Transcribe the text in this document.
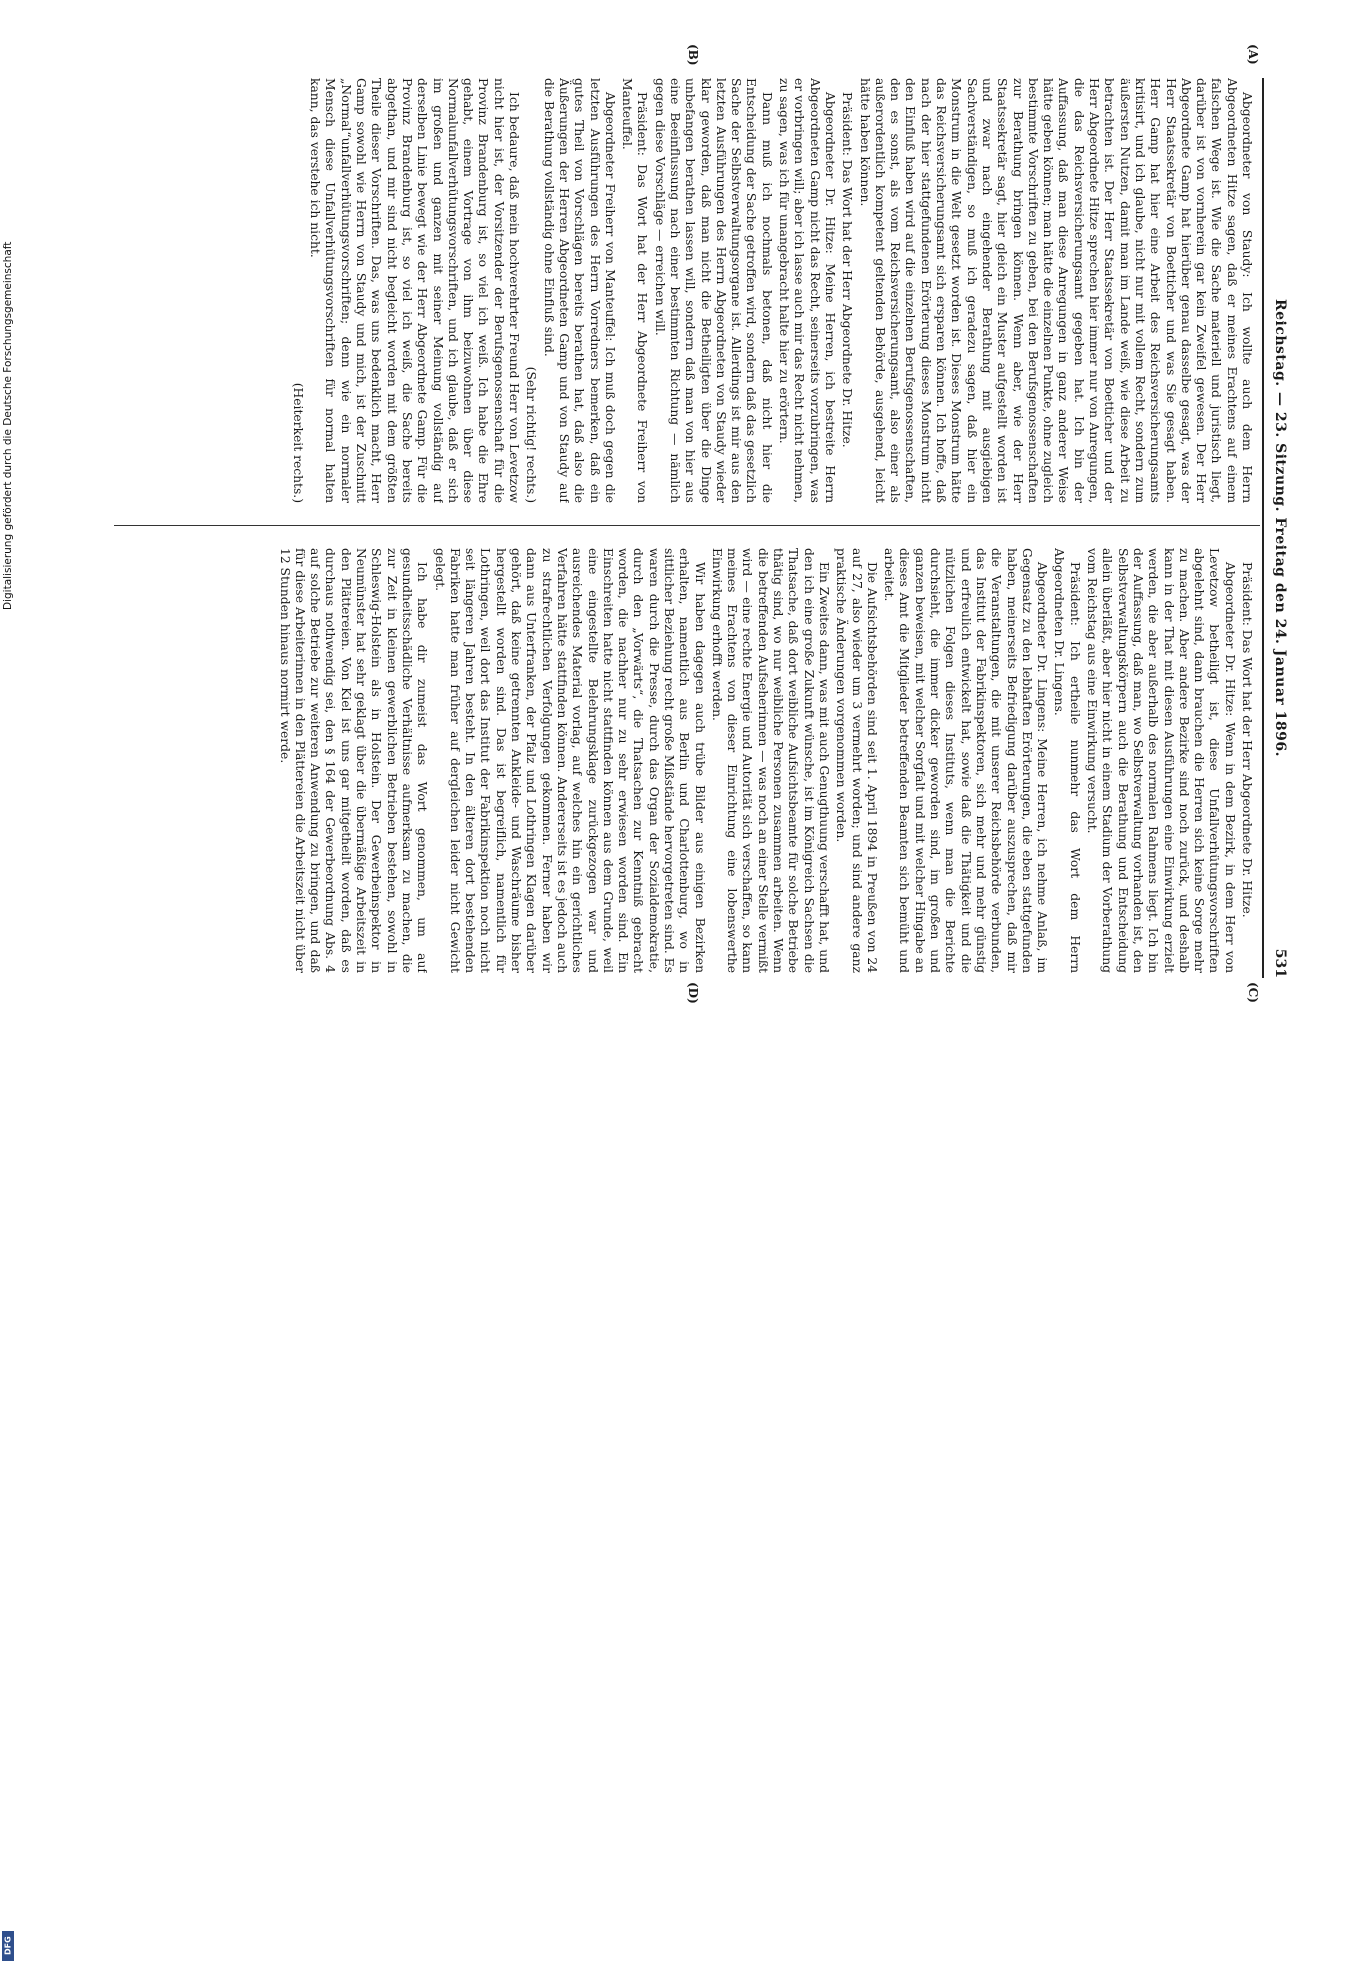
Reichstag. — 23. Sitzung. Freitag den 24. Januar 1896.
531
(A)
(B)
(C)
(D)

Abgeordneter von Staudy: Ich wollte auch dem Herrn Abgeordneten Hitze sagen, daß er meines Erachtens auf einem falschen Wege ist. Wie die Sache materiell und juristisch liegt, darüber ist von vornherein gar kein Zweifel gewesen. Der Herr Abgeordnete Gamp hat hierüber genau dasselbe gesagt, was der Herr Staatssekretär von Boetticher und was Sie gesagt haben. Herr Gamp hat hier eine Arbeit des Reichsversicherungsamts kritisirt, und ich glaube, nicht nur mit vollem Recht, sondern zum äußersten Nutzen, damit man im Lande weiß, wie diese Arbeit zu betrachten ist. Der Herr Staatssekretär von Boetticher und der Herr Abgeordnete Hitze sprechen hier immer nur von Anregungen, die das Reichsversicherungsamt gegeben hat. Ich bin der Auffassung, daß man diese Anregungen in ganz anderer Weise hätte geben können; man hätte die einzelnen Punkte, ohne zugleich bestimmte Vorschriften zu geben, bei den Berufsgenossenschaften zur Berathung bringen können. Wenn aber, wie der Herr Staatssekretär sagt, hier gleich ein Muster aufgestellt worden ist und zwar nach eingehender Berathung mit ausgiebigen Sachverständigen, so muß ich geradezu sagen, daß hier ein Monstrum in die Welt gesetzt worden ist. Dieses Monstrum hätte das Reichsversicherungsamt sich ersparen können. Ich hoffe, daß nach der hier stattgefundenen Erörterung dieses Monstrum nicht den Einfluß haben wird auf die einzelnen Berufsgenossenschaften, den es sonst, als vom Reichsversicherungsamt, also einer als außerordentlich kompetent geltenden Behörde, ausgehend, leicht hätte haben können.

Präsident: Das Wort hat der Herr Abgeordnete Dr. Hitze.

Abgeordneter Dr. Hitze: Meine Herren, ich bestreite Herrn Abgeordneten Gamp nicht das Recht, seinerseits vorzubringen, was er vorbringen will; aber ich lasse auch mir das Recht nicht nehmen, zu sagen, was ich für unangebracht halte hier zu erörtern.

Dann muß ich nochmals betonen, daß nicht hier die Entscheidung der Sache getroffen wird, sondern daß das gesetzlich Sache der Selbstverwaltungsorgane ist. Allerdings ist mir aus den letzten Ausführungen des Herrn Abgeordneten von Staudy wieder klar geworden, daß man nicht die Betheiligten über die Dinge unbefangen berathen lassen will, sondern daß man von hier aus eine Beeinflussung nach einer bestimmten Richtung — nämlich gegen diese Vorschläge — erreichen will.

Präsident: Das Wort hat der Herr Abgeordnete Freiherr von Manteuffel.

Abgeordneter Freiherr von Manteuffel: Ich muß doch gegen die letzten Ausführungen des Herrn Vorredners bemerken, daß ein gutes Theil von Vorschlägen bereits berathen hat, daß also die Äußerungen der Herren Abgeordneten Gamp und von Staudy auf die Berathung vollständig ohne Einfluß sind.

(Sehr richtig! rechts.)

Ich bedaure, daß mein hochverehrter Freund Herr von Levetzow nicht hier ist, der Vorsitzender der Berufsgenossenschaft für die Provinz Brandenburg ist, so viel ich weiß. Ich habe die Ehre gehabt, einem Vortrage von ihm beizuwohnen über diese Normalunfallverhütungsvorschriften, und ich glaube, daß er sich im großen und ganzen mit seiner Meinung vollständig auf derselben Linie bewegt wie der Herr Abgeordnete Gamp. Für die Provinz Brandenburg ist, so viel ich weiß, die Sache bereits abgethan, und mir sind nicht begleicht worden mit dem größten Theile dieser Vorschriften. Das, was uns bedenklich macht, Herr Gamp sowohl wie Herrn von Staudy und mich, ist der Zuschnitt „Normal“unfallverhütungsvorschriften; denn wie ein normaler Mensch diese Unfallverhütungsvorschriften für normal halten kann, das verstehe ich nicht.

(Heiterkeit rechts.)

Präsident: Das Wort hat der Herr Abgeordnete Dr. Hitze.

Abgeordneter Dr. Hitze: Wenn in dem Bezirk, in dem Herr von Levetzow betheiligt ist, diese Unfallverhütungsvorschriften abgelehnt sind, dann brauchen die Herren sich keine Sorge mehr zu machen. Aber andere Bezirke sind noch zurück, und deshalb kann in der That mit diesen Ausführungen eine Einwirkung erzielt werden, die aber außerhalb des normalen Rahmens liegt. Ich bin der Auffassung, daß man, wo Selbstverwaltung vorhanden ist, den Selbstverwaltungskörpern auch die Berathung und Entscheidung allein überläßt, aber hier nicht in einem Stadium der Vorberathung vom Reichstag aus eine Einwirkung versucht.

Präsident: Ich ertheile nunmehr das Wort dem Herrn Abgeordneten Dr. Lingens.

Abgeordneter Dr. Lingens: Meine Herren, ich nehme Anlaß, im Gegensatz zu den lebhaften Erörterungen, die eben stattgefunden haben, meinerseits Befriedigung darüber auszusprechen, daß mir die Veranstaltungen, die mit unserer Reichsbehörde verbunden, das Institut der Fabrikinspektoren, sich mehr und mehr günstig und erfreulich entwickelt hat, sowie daß die Thätigkeit und die nützlichen Folgen dieses Instituts, wenn man die Berichte durchsieht, die immer dicker geworden sind, im großen und ganzen beweisen, mit welcher Sorgfalt und mit welcher Hingabe an dieses Amt die Mitglieder betreffenden Beamten sich bemüht und arbeitet.

Die Aufsichtsbehörden sind seit 1. April 1894 in Preußen von 24 auf 27, also wieder um 3 vermehrt worden; und sind andere ganz praktische Änderungen vorgenommen worden.

Ein Zweites dann, was mit auch Genugthuung verschafft hat, und den ich eine große Zukunft wünsche, ist im Königreich Sachsen die Thatsache, daß dort weibliche Aufsichtsbeamte für solche Betriebe thätig sind, wo nur weibliche Personen zusammen arbeiten. Wenn die betreffenden Aufseherinnen — was noch an einer Stelle vermißt wird — eine rechte Energie und Autorität sich verschaffen, so kann meines Erachtens von dieser Einrichtung eine lobenswerthe Einwirkung erhofft werden.

Wir haben dagegen auch trübe Bilder aus einigen Bezirken erhalten, namentlich aus Berlin und Charlottenburg, wo in sittlicher Beziehung recht große Mißstände hervorgetreten sind. Es waren durch die Presse, durch das Organ der Sozialdemokratie, durch den „Vorwärts“, die Thatsachen zur Kenntniß gebracht worden, die nachher nur zu sehr erwiesen worden sind. Ein Einschreiten hatte nicht stattfinden können aus dem Grunde, weil eine eingestellte Belehrungsklage zurückgezogen war und ausreichendes Material vorlag, auf welches hin ein gerichtliches Verfahren hätte stattfinden können. Andererseits ist es jedoch auch zu strafrechtlichen Verfolgungen gekommen. Ferner haben wir dann aus Unterfranken, der Pfalz und Lothringen Klagen darüber gehört, daß keine getrennten Ankleide- und Waschräume bisher hergestellt worden sind. Das ist begreiflich, namentlich für Lothringen, weil dort das Institut der Fabrikinspektion noch nicht seit längeren Jahren besteht. In den älteren dort bestehenden Fabriken hatte man früher auf dergleichen leider nicht Gewicht gelegt.

Ich habe dir zumeist das Wort genommen, um auf gesundheitsschädliche Verhältnisse aufmerksam zu machen, die zur Zeit in kleinen gewerblichen Betrieben bestehen, sowohl in Schleswig-Holstein als in Holstein. Der Gewerbeinspektor in Neumünster hat sehr geklagt über die übermäßige Arbeitszeit in den Plättereien. Von Kiel ist uns gar mitgetheilt worden, daß es durchaus nothwendig sei, den § 164 der Gewerbeordnung Abs. 4 auf solche Betriebe zur weiteren Anwendung zu bringen, und daß für diese Arbeiterinnen in den Plättereien die Arbeitszeit nicht über 12 Stunden hinaus normirt werde.

DFG
Digitalisierung gefördert durch die Deutsche Forschungsgemeinschaft
